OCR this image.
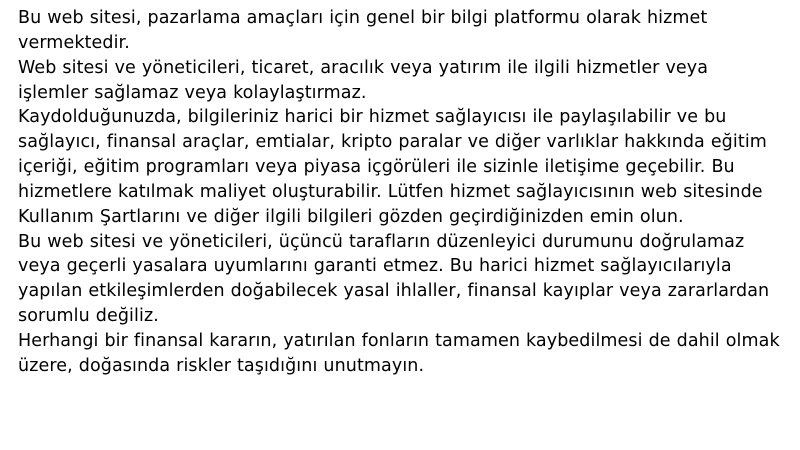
Bu web sitesi, pazarlama amaçları için genel bir bilgi platformu olarak hizmet vermektedir.

Web sitesi ve yöneticileri, ticaret, aracılık veya yatırım ile ilgili hizmetler veya işlemler sağlamaz veya kolaylaştırmaz.

Kaydolduğunuzda, bilgileriniz harici bir hizmet sağlayıcısı ile paylaşılabilir ve bu sağlayıcı, finansal araçlar, emtialar, kripto paralar ve diğer varlıklar hakkında eğitim içeriği, eğitim programları veya piyasa içgörüleri ile sizinle iletişime geçebilir. Bu hizmetlere katılmak maliyet oluşturabilir. Lütfen hizmet sağlayıcısının web sitesinde Kullanım Şartlarını ve diğer ilgili bilgileri gözden geçirdiğinizden emin olun.

Bu web sitesi ve yöneticileri, üçüncü tarafların düzenleyici durumunu doğrulamaz veya geçerli yasalara uyumlarını garanti etmez. Bu harici hizmet sağlayıcılarıyla yapılan etkileşimlerden doğabilecek yasal ihlaller, finansal kayıplar veya zararlardan sorumlu değiliz.

Herhangi bir finansal kararın, yatırılan fonların tamamen kaybedilmesi de dahil olmak üzere, doğasında riskler taşıdığını unutmayın.
